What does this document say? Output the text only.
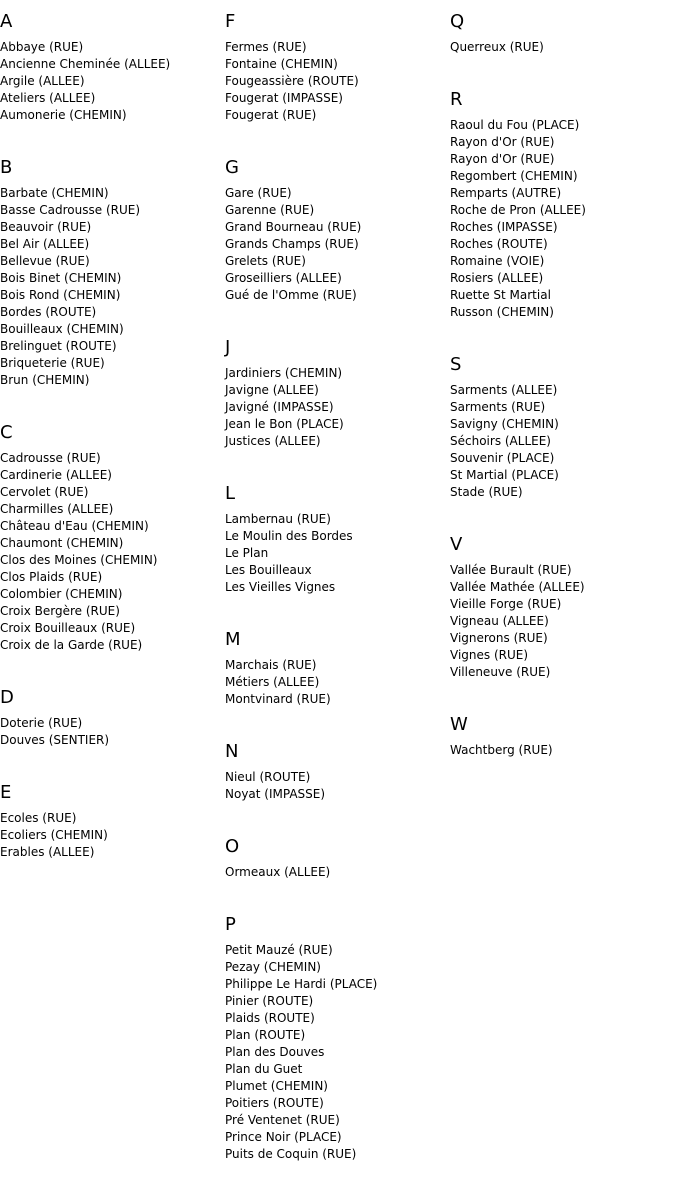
A
Abbaye (RUE)
Ancienne Cheminée (ALLEE)
Argile (ALLEE)
Ateliers (ALLEE)
Aumonerie (CHEMIN)
B
Barbate (CHEMIN)
Basse Cadrousse (RUE)
Beauvoir (RUE)
Bel Air (ALLEE)
Bellevue (RUE)
Bois Binet (CHEMIN)
Bois Rond (CHEMIN)
Bordes (ROUTE)
Bouilleaux (CHEMIN)
Brelinguet (ROUTE)
Briqueterie (RUE)
Brun (CHEMIN)
C
Cadrousse (RUE)
Cardinerie (ALLEE)
Cervolet (RUE)
Charmilles (ALLEE)
Château d'Eau (CHEMIN)
Chaumont (CHEMIN)
Clos des Moines (CHEMIN)
Clos Plaids (RUE)
Colombier (CHEMIN)
Croix Bergère (RUE)
Croix Bouilleaux (RUE)
Croix de la Garde (RUE)
D
Doterie (RUE)
Douves (SENTIER)
E
Ecoles (RUE)
Ecoliers (CHEMIN)
Erables (ALLEE)
F
Fermes (RUE)
Fontaine (CHEMIN)
Fougeassière (ROUTE)
Fougerat (IMPASSE)
Fougerat (RUE)
G
Gare (RUE)
Garenne (RUE)
Grand Bourneau (RUE)
Grands Champs (RUE)
Grelets (RUE)
Groseilliers (ALLEE)
Gué de l'Omme (RUE)
J
Jardiniers (CHEMIN)
Javigne (ALLEE)
Javigné (IMPASSE)
Jean le Bon (PLACE)
Justices (ALLEE)
L
Lambernau (RUE)
Le Moulin des Bordes
Le Plan
Les Bouilleaux
Les Vieilles Vignes
M
Marchais (RUE)
Métiers (ALLEE)
Montvinard (RUE)
N
Nieul (ROUTE)
Noyat (IMPASSE)
O
Ormeaux (ALLEE)
P
Petit Mauzé (RUE)
Pezay (CHEMIN)
Philippe Le Hardi (PLACE)
Pinier (ROUTE)
Plaids (ROUTE)
Plan (ROUTE)
Plan des Douves
Plan du Guet
Plumet (CHEMIN)
Poitiers (ROUTE)
Pré Ventenet (RUE)
Prince Noir (PLACE)
Puits de Coquin (RUE)
Q
Querreux (RUE)
R
Raoul du Fou (PLACE)
Rayon d'Or (RUE)
Rayon d'Or (RUE)
Regombert (CHEMIN)
Remparts (AUTRE)
Roche de Pron (ALLEE)
Roches (IMPASSE)
Roches (ROUTE)
Romaine (VOIE)
Rosiers (ALLEE)
Ruette St Martial
Russon (CHEMIN)
S
Sarments (ALLEE)
Sarments (RUE)
Savigny (CHEMIN)
Séchoirs (ALLEE)
Souvenir (PLACE)
St Martial (PLACE)
Stade (RUE)
V
Vallée Burault (RUE)
Vallée Mathée (ALLEE)
Vieille Forge (RUE)
Vigneau (ALLEE)
Vignerons (RUE)
Vignes (RUE)
Villeneuve (RUE)
W
Wachtberg (RUE)
